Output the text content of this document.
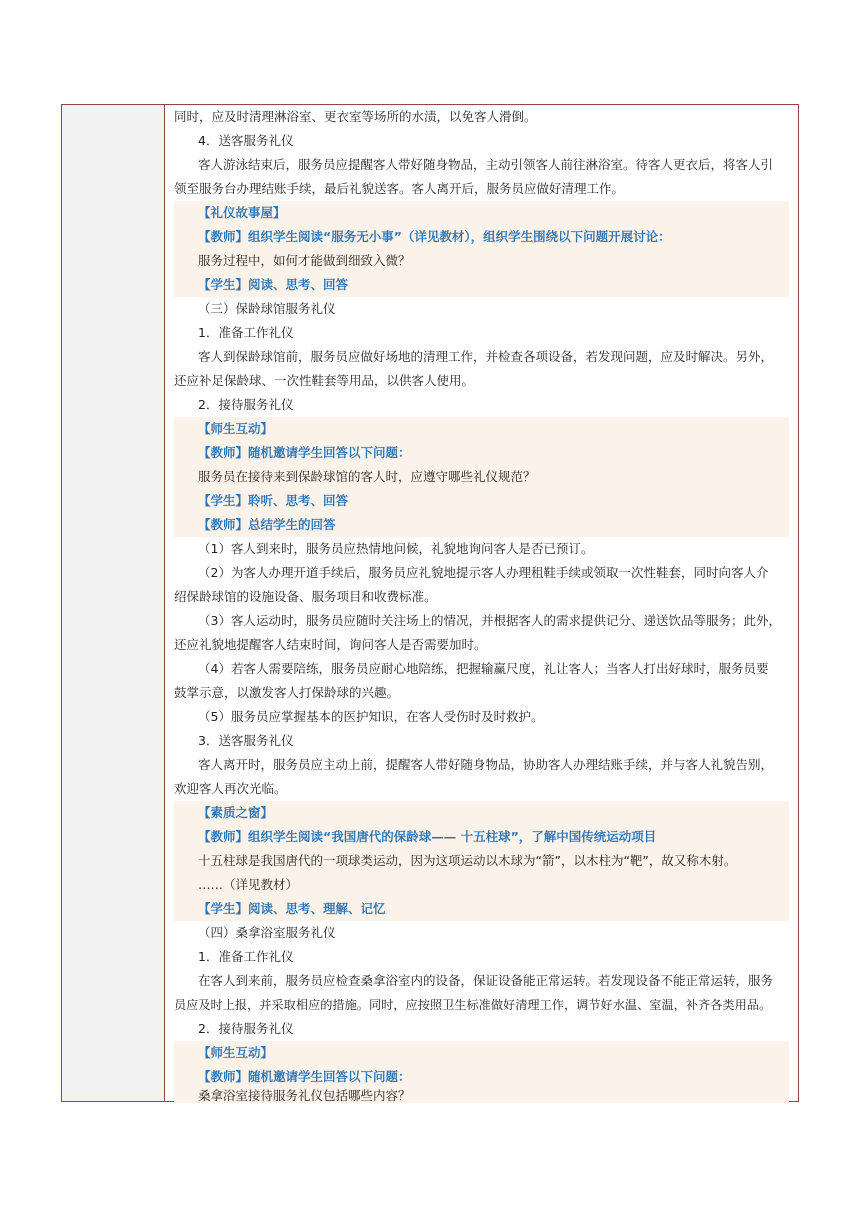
同时，应及时清理淋浴室、更衣室等场所的水渍，以免客人滑倒。
4．送客服务礼仪
客人游泳结束后，服务员应提醒客人带好随身物品，主动引领客人前往淋浴室。待客人更衣后，将客人引
领至服务台办理结账手续，最后礼貌送客。客人离开后，服务员应做好清理工作。
【礼仪故事屋】
【教师】组织学生阅读“服务无小事”（详见教材），组织学生围绕以下问题开展讨论：
服务过程中，如何才能做到细致入微？
【学生】阅读、思考、回答
（三）保龄球馆服务礼仪
1．准备工作礼仪
客人到保龄球馆前，服务员应做好场地的清理工作，并检查各项设备，若发现问题，应及时解决。另外，
还应补足保龄球、一次性鞋套等用品，以供客人使用。
2．接待服务礼仪
【师生互动】
【教师】随机邀请学生回答以下问题：
服务员在接待来到保龄球馆的客人时，应遵守哪些礼仪规范？
【学生】聆听、思考、回答
【教师】总结学生的回答
（1）客人到来时，服务员应热情地问候，礼貌地询问客人是否已预订。
（2）为客人办理开道手续后，服务员应礼貌地提示客人办理租鞋手续或领取一次性鞋套，同时向客人介
绍保龄球馆的设施设备、服务项目和收费标准。
（3）客人运动时，服务员应随时关注场上的情况，并根据客人的需求提供记分、递送饮品等服务；此外，
还应礼貌地提醒客人结束时间，询问客人是否需要加时。
（4）若客人需要陪练，服务员应耐心地陪练，把握输赢尺度，礼让客人；当客人打出好球时，服务员要
鼓掌示意，以激发客人打保龄球的兴趣。
（5）服务员应掌握基本的医护知识，在客人受伤时及时救护。
3．送客服务礼仪
客人离开时，服务员应主动上前，提醒客人带好随身物品，协助客人办理结账手续，并与客人礼貌告别，
欢迎客人再次光临。
【素质之窗】
【教师】组织学生阅读“我国唐代的保龄球—— 十五柱球”，了解中国传统运动项目
十五柱球是我国唐代的一项球类运动，因为这项运动以木球为“箭”，以木柱为“靶”，故又称木射。
……（详见教材）
【学生】阅读、思考、理解、记忆
（四）桑拿浴室服务礼仪
1．准备工作礼仪
在客人到来前，服务员应检查桑拿浴室内的设备，保证设备能正常运转。若发现设备不能正常运转，服务
员应及时上报，并采取相应的措施。同时，应按照卫生标准做好清理工作，调节好水温、室温，补齐各类用品。
2．接待服务礼仪
【师生互动】
【教师】随机邀请学生回答以下问题：
桑拿浴室接待服务礼仪包括哪些内容？
